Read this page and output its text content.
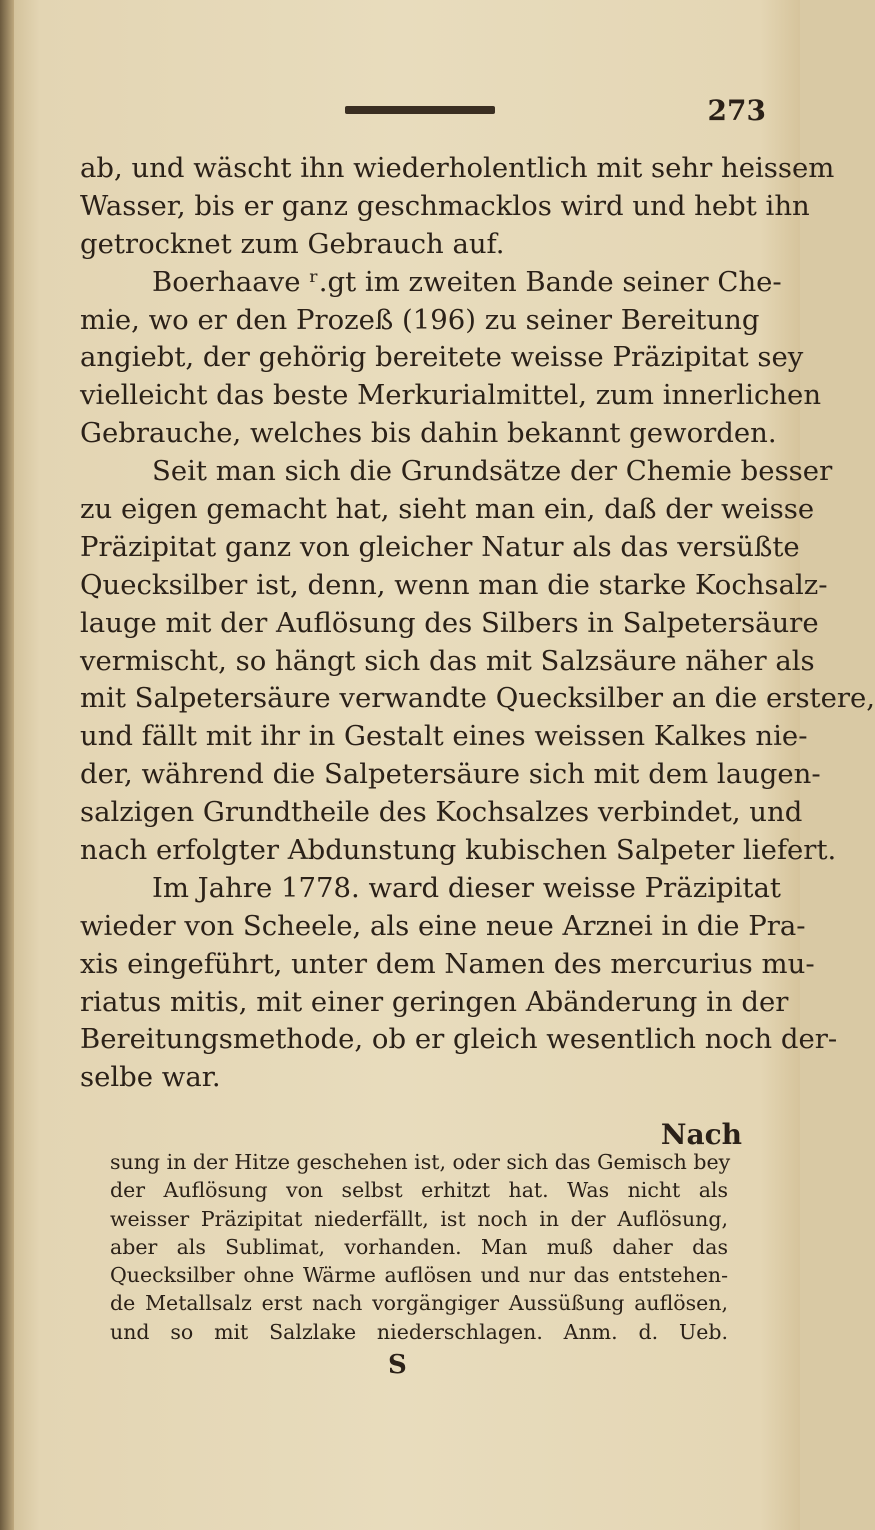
273
ab, und wäscht ihn wiederholentlich mit sehr heissem
Wasser, bis er ganz geschmacklos wird und hebt ihn
getrocknet zum Gebrauch auf.
Boerhaave ʳ.gt im zweiten Bande seiner Che-
mie, wo er den Prozeß (196) zu seiner Bereitung
angiebt, der gehörig bereitete weisse Präzipitat sey
vielleicht das beste Merkurialmittel, zum innerlichen
Gebrauche, welches bis dahin bekannt geworden.
Seit man sich die Grundsätze der Chemie besser
zu eigen gemacht hat, sieht man ein, daß der weisse
Präzipitat ganz von gleicher Natur als das versüßte
Quecksilber ist, denn, wenn man die starke Kochsalz-
lauge mit der Auflösung des Silbers in Salpetersäure
vermischt, so hängt sich das mit Salzsäure näher als
mit Salpetersäure verwandte Quecksilber an die erstere,
und fällt mit ihr in Gestalt eines weissen Kalkes nie-
der, während die Salpetersäure sich mit dem laugen-
salzigen Grundtheile des Kochsalzes verbindet, und
nach erfolgter Abdunstung kubischen Salpeter liefert.
Im Jahre 1778. ward dieser weisse Präzipitat
wieder von Scheele, als eine neue Arznei in die Pra-
xis eingeführt, unter dem Namen des mercurius mu-
riatus mitis, mit einer geringen Abänderung in der
Bereitungsmethode, ob er gleich wesentlich noch der-
selbe war.
Nach
sung in der Hitze geschehen ist, oder sich das Gemisch bey
der Auflösung von selbst erhitzt hat. Was nicht als
weisser Präzipitat niederfällt, ist noch in der Auflösung,
aber als Sublimat, vorhanden. Man muß daher das
Quecksilber ohne Wärme auflösen und nur das entstehen-
de Metallsalz erst nach vorgängiger Aussüßung auflösen,
und so mit Salzlake niederschlagen. Anm. d. Ueb.
S
